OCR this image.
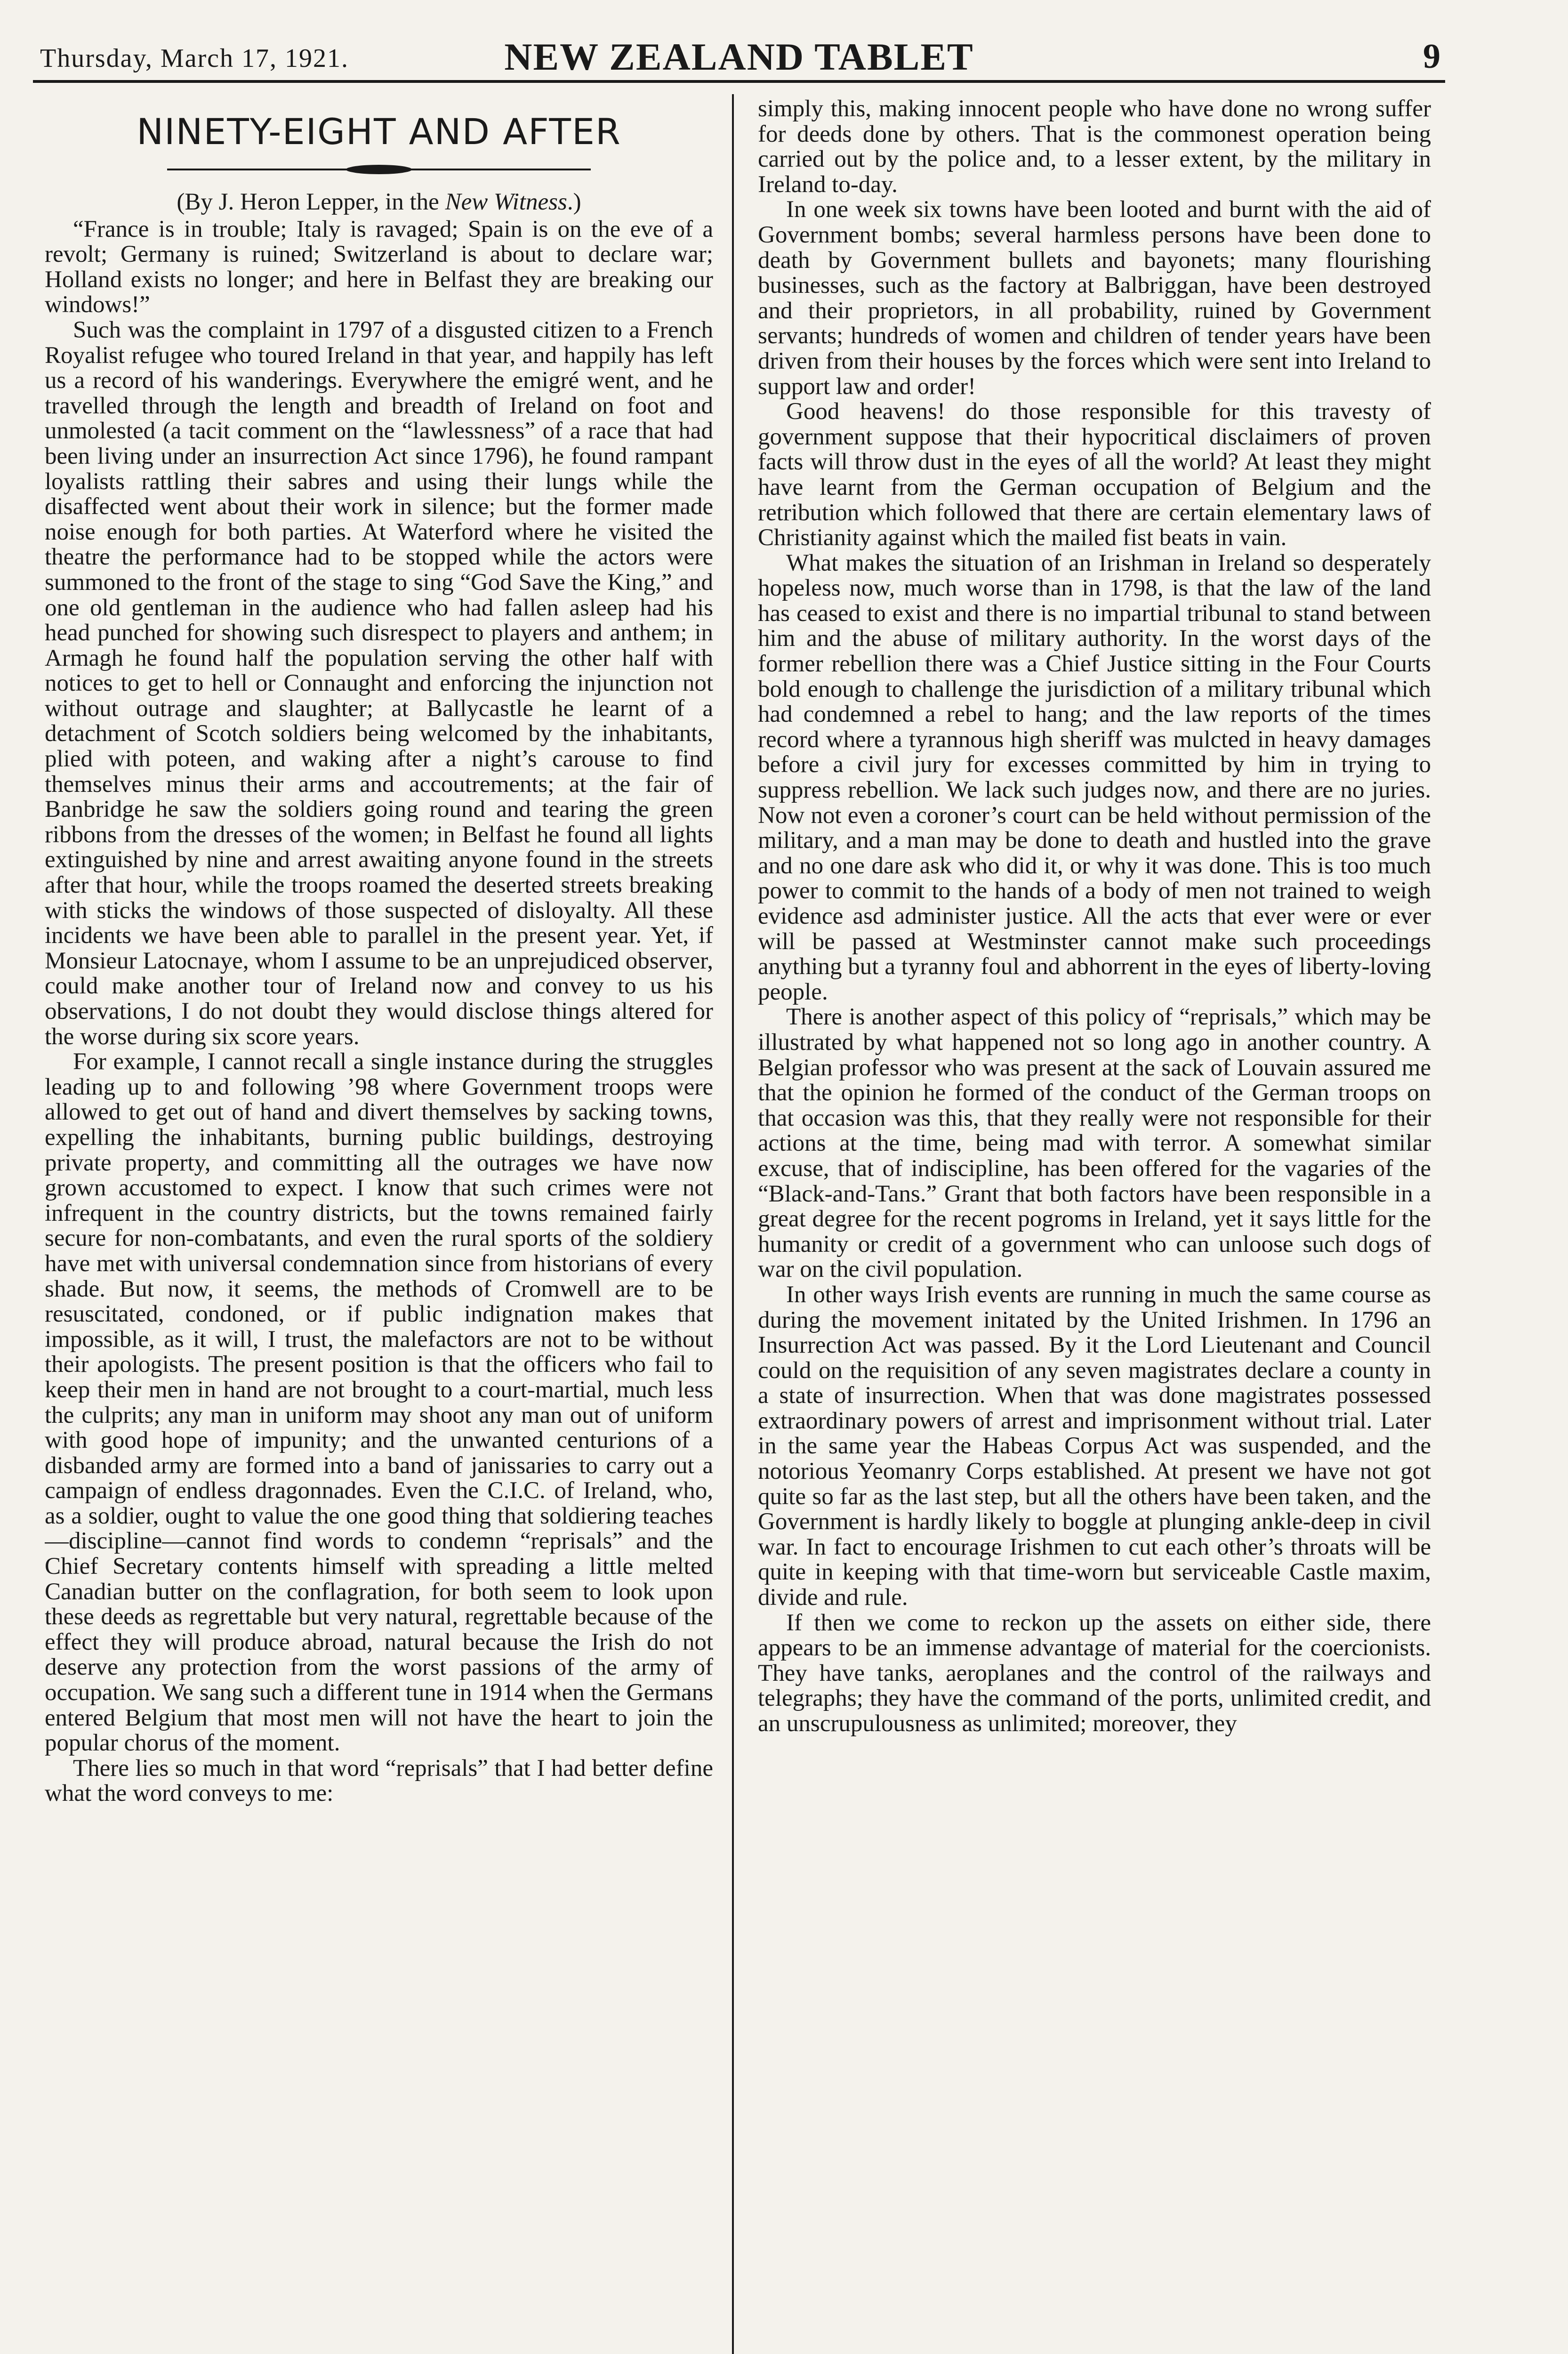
Thursday, March 17, 1921.	NEW ZEALAND TABLET	9
NINETY-EIGHT AND AFTER

(By J. Heron Lepper, in the New Witness.)

“France is in trouble; Italy is ravaged; Spain is on the eve of a revolt; Germany is ruined; Switzerland is about to declare war; Holland exists no longer; and here in Belfast they are breaking our windows!”

Such was the complaint in 1797 of a disgusted citizen to a French Royalist refugee who toured Ireland in that year, and happily has left us a record of his wanderings. Everywhere the emigré went, and he travelled through the length and breadth of Ireland on foot and unmolested (a tacit comment on the “lawlessness” of a race that had been living under an insurrection Act since 1796), he found rampant loyalists rattling their sabres and using their lungs while the disaffected went about their work in silence; but the former made noise enough for both parties. At Waterford where he visited the theatre the performance had to be stopped while the actors were summoned to the front of the stage to sing “God Save the King,” and one old gentleman in the audience who had fallen asleep had his head punched for showing such disrespect to players and anthem; in Armagh he found half the population serving the other half with notices to get to hell or Connaught and enforcing the injunction not without outrage and slaughter; at Ballycastle he learnt of a detachment of Scotch soldiers being welcomed by the inhabitants, plied with poteen, and waking after a night’s carouse to find themselves minus their arms and accoutrements; at the fair of Banbridge he saw the soldiers going round and tearing the green ribbons from the dresses of the women; in Belfast he found all lights extinguished by nine and arrest awaiting anyone found in the streets after that hour, while the troops roamed the deserted streets breaking with sticks the windows of those suspected of disloyalty. All these incidents we have been able to parallel in the present year. Yet, if Monsieur Latocnaye, whom I assume to be an unprejudiced observer, could make another tour of Ireland now and convey to us his observations, I do not doubt they would disclose things altered for the worse during six score years.

For example, I cannot recall a single instance during the struggles leading up to and following ’98 where Government troops were allowed to get out of hand and divert themselves by sacking towns, expelling the inhabitants, burning public buildings, destroying private property, and committing all the outrages we have now grown accustomed to expect. I know that such crimes were not infrequent in the country districts, but the towns remained fairly secure for non-combatants, and even the rural sports of the soldiery have met with universal condemnation since from historians of every shade. But now, it seems, the methods of Cromwell are to be resuscitated, condoned, or if public indignation makes that impossible, as it will, I trust, the malefactors are not to be without their apologists. The present position is that the officers who fail to keep their men in hand are not brought to a court-martial, much less the culprits; any man in uniform may shoot any man out of uniform with good hope of impunity; and the unwanted centurions of a disbanded army are formed into a band of janissaries to carry out a campaign of endless dragonnades. Even the C.I.C. of Ireland, who, as a soldier, ought to value the one good thing that soldiering teaches—discipline—cannot find words to condemn “reprisals” and the Chief Secretary contents himself with spreading a little melted Canadian butter on the conflagration, for both seem to look upon these deeds as regrettable but very natural, regrettable because of the effect they will produce abroad, natural because the Irish do not deserve any protection from the worst passions of the army of occupation. We sang such a different tune in 1914 when the Germans entered Belgium that most men will not have the heart to join the popular chorus of the moment.

There lies so much in that word “reprisals” that I had better define what the word conveys to me:

simply this, making innocent people who have done no wrong suffer for deeds done by others. That is the commonest operation being carried out by the police and, to a lesser extent, by the military in Ireland to-day.

In one week six towns have been looted and burnt with the aid of Government bombs; several harmless persons have been done to death by Government bullets and bayonets; many flourishing businesses, such as the factory at Balbriggan, have been destroyed and their proprietors, in all probability, ruined by Government servants; hundreds of women and children of tender years have been driven from their houses by the forces which were sent into Ireland to support law and order!

Good heavens! do those responsible for this travesty of government suppose that their hypocritical disclaimers of proven facts will throw dust in the eyes of all the world? At least they might have learnt from the German occupation of Belgium and the retribution which followed that there are certain elementary laws of Christianity against which the mailed fist beats in vain.

What makes the situation of an Irishman in Ireland so desperately hopeless now, much worse than in 1798, is that the law of the land has ceased to exist and there is no impartial tribunal to stand between him and the abuse of military authority. In the worst days of the former rebellion there was a Chief Justice sitting in the Four Courts bold enough to challenge the jurisdiction of a military tribunal which had condemned a rebel to hang; and the law reports of the times record where a tyrannous high sheriff was mulcted in heavy damages before a civil jury for excesses committed by him in trying to suppress rebellion. We lack such judges now, and there are no juries. Now not even a coroner’s court can be held without permission of the military, and a man may be done to death and hustled into the grave and no one dare ask who did it, or why it was done. This is too much power to commit to the hands of a body of men not trained to weigh evidence asd administer justice. All the acts that ever were or ever will be passed at Westminster cannot make such proceedings anything but a tyranny foul and abhorrent in the eyes of liberty-loving people.

There is another aspect of this policy of “reprisals,” which may be illustrated by what happened not so long ago in another country. A Belgian professor who was present at the sack of Louvain assured me that the opinion he formed of the conduct of the German troops on that occasion was this, that they really were not responsible for their actions at the time, being mad with terror. A somewhat similar excuse, that of indiscipline, has been offered for the vagaries of the “Black-and-Tans.” Grant that both factors have been responsible in a great degree for the recent pogroms in Ireland, yet it says little for the humanity or credit of a government who can unloose such dogs of war on the civil population.

In other ways Irish events are running in much the same course as during the movement initated by the United Irishmen. In 1796 an Insurrection Act was passed. By it the Lord Lieutenant and Council could on the requisition of any seven magistrates declare a county in a state of insurrection. When that was done magistrates possessed extraordinary powers of arrest and imprisonment without trial. Later in the same year the Habeas Corpus Act was suspended, and the notorious Yeomanry Corps established. At present we have not got quite so far as the last step, but all the others have been taken, and the Government is hardly likely to boggle at plunging ankle-deep in civil war. In fact to encourage Irishmen to cut each other’s throats will be quite in keeping with that time-worn but serviceable Castle maxim, divide and rule.

If then we come to reckon up the assets on either side, there appears to be an immense advantage of material for the coercionists. They have tanks, aeroplanes and the control of the railways and telegraphs; they have the command of the ports, unlimited credit, and an unscrupulousness as unlimited; moreover, they
